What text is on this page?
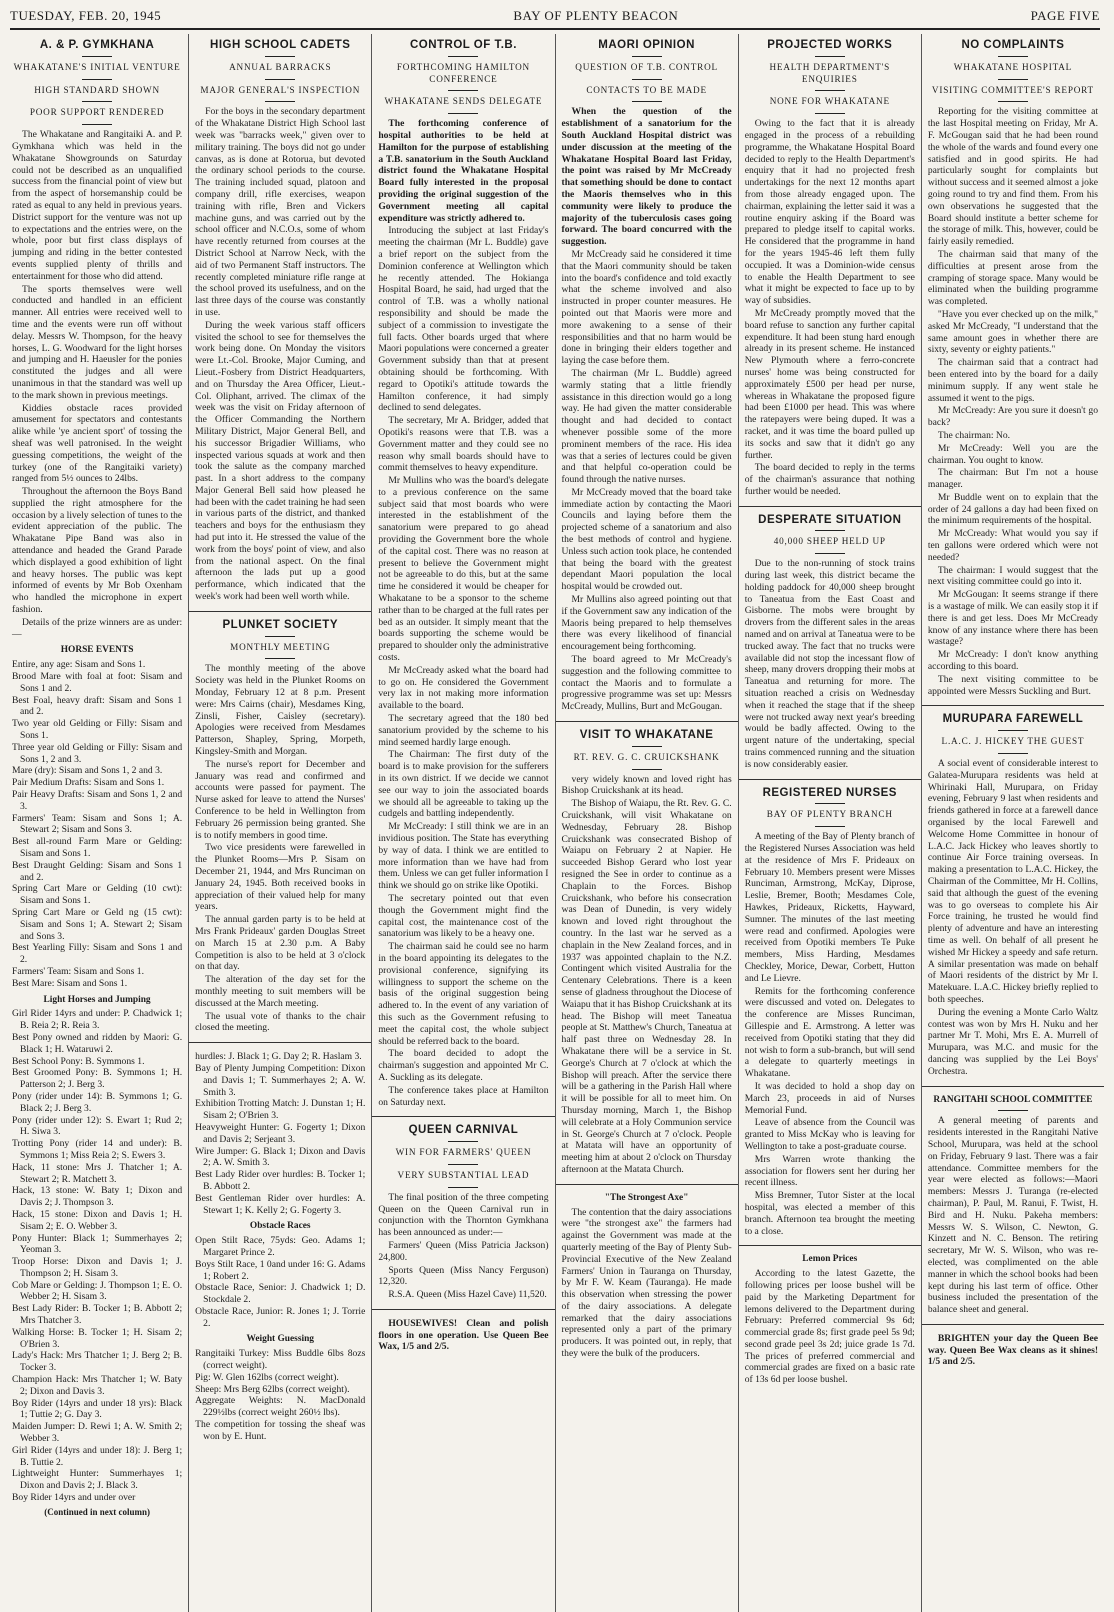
TUESDAY, FEB. 20, 1945	BAY OF PLENTY BEACON	PAGE FIVE
A. & P. GYMKHANA
WHAKATANE'S INITIAL VENTURE
HIGH STANDARD SHOWN
POOR SUPPORT RENDERED

The Whakatane and Rangitaiki A. and P. Gymkhana which was held in the Whakatane Showgrounds on Saturday could not be described as an unqualified success from the financial point of view but from the aspect of horsemanship could be rated as equal to any held in previous years. District support for the venture was not up to expectations and the entries were, on the whole, poor but first class displays of jumping and riding in the better contested events supplied plenty of thrills and entertainment for those who did attend.

The sports themselves were well conducted and handled in an efficient manner. All entries were received well to time and the events were run off without delay. Messrs W. Thompson, for the heavy horses, L. G. Woodward for the light horses and jumping and H. Haeusler for the ponies constituted the judges and all were unanimous in that the standard was well up to the mark shown in previous meetings.

Kiddies obstacle races provided amusement for spectators and contestants alike while 'ye ancient sport' of tossing the sheaf was well patronised. In the weight guessing competitions, the weight of the turkey (one of the Rangitaiki variety) ranged from 5½ ounces to 24lbs.

Throughout the afternoon the Boys Band supplied the right atmosphere for the occasion by a lively selection of tunes to the evident appreciation of the public. The Whakatane Pipe Band was also in attendance and headed the Grand Parade which displayed a good exhibition of light and heavy horses. The public was kept informed of events by Mr Bob Oxenham who handled the microphone in expert fashion.

Details of the prize winners are as under:—

HORSE EVENTS

Entire, any age: Sisam and Sons 1.

Brood Mare with foal at foot: Sisam and Sons 1 and 2.

Best Foal, heavy draft: Sisam and Sons 1 and 2.

Two year old Gelding or Filly: Sisam and Sons 1.

Three year old Gelding or Filly: Sisam and Sons 1, 2 and 3.

Mare (dry): Sisam and Sons 1, 2 and 3.

Pair Medium Drafts: Sisam and Sons 1.

Pair Heavy Drafts: Sisam and Sons 1, 2 and 3.

Farmers' Team: Sisam and Sons 1; A. Stewart 2; Sisam and Sons 3.

Best all-round Farm Mare or Gelding: Sisam and Sons 1.

Best Draught Gelding: Sisam and Sons 1 and 2.

Spring Cart Mare or Gelding (10 cwt): Sisam and Sons 1.

Spring Cart Mare or Geld ng (15 cwt): Sisam and Sons 1; A. Stewart 2; Sisam and Sons 3.

Best Yearling Filly: Sisam and Sons 1 and 2.

Farmers' Team: Sisam and Sons 1.

Best Mare: Sisam and Sons 1.

Light Horses and Jumping

Girl Rider 14yrs and under: P. Chadwick 1; B. Reia 2; R. Reia 3.

Best Pony owned and ridden by Maori: G. Black 1; H. Wataruwi 2.

Best School Pony: B. Symmons 1.

Best Groomed Pony: B. Symmons 1; H. Patterson 2; J. Berg 3.

Pony (rider under 14): B. Symmons 1; G. Black 2; J. Berg 3.

Pony (rider under 12): S. Ewart 1; Rud 2; H. Siwa 3.

Trotting Pony (rider 14 and under): B. Symmons 1; Miss Reia 2; S. Ewers 3.

Hack, 11 stone: Mrs J. Thatcher 1; A. Stewart 2; R. Matchett 3.

Hack, 13 stone: W. Baty 1; Dixon and Davis 2; J. Thompson 3.

Hack, 15 stone: Dixon and Davis 1; H. Sisam 2; E. O. Webber 3.

Pony Hunter: Black 1; Summerhayes 2; Yeoman 3.

Troop Horse: Dixon and Davis 1; J. Thompson 2; H. Sisam 3.

Cob Mare or Gelding: J. Thompson 1; E. O. Webber 2; H. Sisam 3.

Best Lady Rider: B. Tocker 1; B. Abbott 2; Mrs Thatcher 3.

Walking Horse: B. Tocker 1; H. Sisam 2; O'Brien 3.

Lady's Hack: Mrs Thatcher 1; J. Berg 2; B. Tocker 3.

Champion Hack: Mrs Thatcher 1; W. Baty 2; Dixon and Davis 3.

Boy Rider (14yrs and under 18 yrs): Black 1; Tuttie 2; G. Day 3.

Maiden Jumper: D. Rewi 1; A. W. Smith 2; Webber 3.

Girl Rider (14yrs and under 18): J. Berg 1; B. Tuttie 2.

Lightweight Hunter: Summerhayes 1; Dixon and Davis 2; J. Black 3.

Boy Rider 14yrs and under over

(Continued in next column)
HIGH SCHOOL CADETS
ANNUAL BARRACKS
MAJOR GENERAL'S INSPECTION

For the boys in the secondary department of the Whakatane District High School last week was "barracks week," given over to military training. The boys did not go under canvas, as is done at Rotorua, but devoted the ordinary school periods to the course. The training included squad, platoon and company drill, rifle exercises, weapon training with rifle, Bren and Vickers machine guns, and was carried out by the school officer and N.C.O.s, some of whom have recently returned from courses at the District School at Narrow Neck, with the aid of two Permanent Staff instructors. The recently completed miniature rifle range at the school proved its usefulness, and on the last three days of the course was constantly in use.

During the week various staff officers visited the school to see for themselves the work being done. On Monday the visitors were Lt.-Col. Brooke, Major Cuming, and Lieut.-Fosbery from District Headquarters, and on Thursday the Area Officer, Lieut.-Col. Oliphant, arrived. The climax of the week was the visit on Friday afternoon of the Officer Commanding the Northern Military District, Major General Bell, and his successor Brigadier Williams, who inspected various squads at work and then took the salute as the company marched past. In a short address to the company Major General Bell said how pleased he had been with the cadet training he had seen in various parts of the district, and thanked teachers and boys for the enthusiasm they had put into it. He stressed the value of the work from the boys' point of view, and also from the national aspect. On the final afternoon the lads put up a good performance, which indicated that the week's work had been well worth while.

PLUNKET SOCIETY
MONTHLY MEETING

The monthly meeting of the above Society was held in the Plunket Rooms on Monday, February 12 at 8 p.m. Present were: Mrs Cairns (chair), Mesdames King, Zinsli, Fisher, Caisley (secretary). Apologies were received from Mesdames Patterson, Shapley, Spring, Morpeth, Kingsley-Smith and Morgan.

The nurse's report for December and January was read and confirmed and accounts were passed for payment. The Nurse asked for leave to attend the Nurses' Conference to be held in Wellington from February 26 permission being granted. She is to notify members in good time.

Two vice presidents were farewelled in the Plunket Rooms—Mrs P. Sisam on December 21, 1944, and Mrs Runciman on January 24, 1945. Both received books in appreciation of their valued help for many years.

The annual garden party is to be held at Mrs Frank Prideaux' garden Douglas Street on March 15 at 2.30 p.m. A Baby Competition is also to be held at 3 o'clock on that day.

The alteration of the day set for the monthly meeting to suit members will be discussed at the March meeting.

The usual vote of thanks to the chair closed the meeting.

hurdles: J. Black 1; G. Day 2; R. Haslam 3.

Bay of Plenty Jumping Competition: Dixon and Davis 1; T. Summerhayes 2; A. W. Smith 3.

Exhibition Trotting Match: J. Dunstan 1; H. Sisam 2; O'Brien 3.

Heavyweight Hunter: G. Fogerty 1; Dixon and Davis 2; Serjeant 3.

Wire Jumper: G. Black 1; Dixon and Davis 2; A. W. Smith 3.

Best Lady Rider over hurdles: B. Tocker 1; B. Abbott 2.

Best Gentleman Rider over hurdles: A. Stewart 1; K. Kelly 2; G. Fogerty 3.

Obstacle Races

Open Stilt Race, 75yds: Geo. Adams 1; Margaret Prince 2.

Boys Stilt Race, 1 0and under 16: G. Adams 1; Robert 2.

Obstacle Race, Senior: J. Chadwick 1; D. Stockdale 2.

Obstacle Race, Junior: R. Jones 1; J. Torrie 2.

Weight Guessing

Rangitaiki Turkey: Miss Buddle 6lbs 8ozs (correct weight).

Pig: W. Glen 162lbs (correct weight).

Sheep: Mrs Berg 62lbs (correct weight).

Aggregate Weights: N. MacDonald 229½lbs (correct weight 260½ lbs).

The competition for tossing the sheaf was won by E. Hunt.

CONTROL OF T.B.
FORTHCOMING HAMILTON CONFERENCE
WHAKATANE SENDS DELEGATE

The forthcoming conference of hospital authorities to be held at Hamilton for the purpose of establishing a T.B. sanatorium in the South Auckland district found the Whakatane Hospital Board fully interested in the proposal providing the original suggestion of the Government meeting all capital expenditure was strictly adhered to.

Introducing the subject at last Friday's meeting the chairman (Mr L. Buddle) gave a brief report on the subject from the Dominion conference at Wellington which he recently attended. The Hokianga Hospital Board, he said, had urged that the control of T.B. was a wholly national responsibility and should be made the subject of a commission to investigate the full facts. Other boards urged that where Maori populations were concerned a greater Government subsidy than that at present obtaining should be forthcoming. With regard to Opotiki's attitude towards the Hamilton conference, it had simply declined to send delegates.

The secretary, Mr A. Bridger, added that Opotiki's reasons were that T.B. was a Government matter and they could see no reason why small boards should have to commit themselves to heavy expenditure.

Mr Mullins who was the board's delegate to a previous conference on the same subject said that most boards who were interested in the establishment of the sanatorium were prepared to go ahead providing the Government bore the whole of the capital cost. There was no reason at present to believe the Government might not be agreeable to do this, but at the same time he considered it would be cheaper for Whakatane to be a sponsor to the scheme rather than to be charged at the full rates per bed as an outsider. It simply meant that the boards supporting the scheme would be prepared to shoulder only the administrative costs.

Mr McCready asked what the board had to go on. He considered the Government very lax in not making more information available to the board.

The secretary agreed that the 180 bed sanatorium provided by the scheme to his mind seemed hardly large enough.

The Chairman: The first duty of the board is to make provision for the sufferers in its own district. If we decide we cannot see our way to join the associated boards we should all be agreeable to taking up the cudgels and battling independently.

Mr McCready: I still think we are in an invidious position. The State has everything by way of data. I think we are entitled to more information than we have had from them. Unless we can get fuller information I think we should go on strike like Opotiki.

The secretary pointed out that even though the Government might find the capital cost, the maintenance cost of the sanatorium was likely to be a heavy one.

The chairman said he could see no harm in the board appointing its delegates to the provisional conference, signifying its willingness to support the scheme on the basis of the original suggestion being adhered to. In the event of any variation of this such as the Government refusing to meet the capital cost, the whole subject should be referred back to the board.

The board decided to adopt the chairman's suggestion and appointed Mr C. A. Suckling as its delegate.

The conference takes place at Hamilton on Saturday next.

QUEEN CARNIVAL
WIN FOR FARMERS' QUEEN
VERY SUBSTANTIAL LEAD

The final position of the three competing Queen on the Queen Carnival run in conjunction with the Thornton Gymkhana has been announced as under:—

Farmers' Queen (Miss Patricia Jackson) 24,800.

Sports Queen (Miss Nancy Ferguson) 12,320.

R.S.A. Queen (Miss Hazel Cave) 11,520.

HOUSEWIVES! Clean and polish floors in one operation. Use Queen Bee Wax, 1/5 and 2/5.

MAORI OPINION
QUESTION OF T.B. CONTROL
CONTACTS TO BE MADE

When the question of the establishment of a sanatorium for the South Auckland Hospital district was under discussion at the meeting of the Whakatane Hospital Board last Friday, the point was raised by Mr McCready that something should be done to contact the Maoris themselves who in this community were likely to produce the majority of the tuberculosis cases going forward. The board concurred with the suggestion.

Mr McCready said he considered it time that the Maori community should be taken into the board's confidence and told exactly what the scheme involved and also instructed in proper counter measures. He pointed out that Maoris were more and more awakening to a sense of their responsibilities and that no harm would be done in bringing their elders together and laying the case before them.

The chairman (Mr L. Buddle) agreed warmly stating that a little friendly assistance in this direction would go a long way. He had given the matter considerable thought and had decided to contact whenever possible some of the more prominent members of the race. His idea was that a series of lectures could be given and that helpful co-operation could be found through the native nurses.

Mr McCready moved that the board take immediate action by contacting the Maori Councils and laying before them the projected scheme of a sanatorium and also the best methods of control and hygiene. Unless such action took place, he contended that being the board with the greatest dependant Maori population the local hospital would be crowded out.

Mr Mullins also agreed pointing out that if the Government saw any indication of the Maoris being prepared to help themselves there was every likelihood of financial encouragement being forthcoming.

The board agreed to Mr McCready's suggestion and the following committee to contact the Maoris and to formulate a progressive programme was set up: Messrs McCready, Mullins, Burt and McGougan.

VISIT TO WHAKATANE
RT. REV. G. C. CRUICKSHANK

very widely known and loved right has Bishop Cruickshank at its head.

The Bishop of Waiapu, the Rt. Rev. G. C. Cruickshank, will visit Whakatane on Wednesday, February 28. Bishop Cruickshank was consecrated Bishop of Waiapu on February 2 at Napier. He succeeded Bishop Gerard who lost year resigned the See in order to continue as a Chaplain to the Forces. Bishop Cruickshank, who before his consecration was Dean of Dunedin, is very widely known and loved right throughout the country. In the last war he served as a chaplain in the New Zealand forces, and in 1937 was appointed chaplain to the N.Z. Contingent which visited Australia for the Centenary Celebrations. There is a keen sense of gladness throughout the Diocese of Waiapu that it has Bishop Cruickshank at its head. The Bishop will meet Taneatua people at St. Matthew's Church, Taneatua at half past three on Wednesday 28. In Whakatane there will be a service in St. George's Church at 7 o'clock at which the Bishop will preach. After the service there will be a gathering in the Parish Hall where it will be possible for all to meet him. On Thursday morning, March 1, the Bishop will celebrate at a Holy Communion service in St. George's Church at 7 o'clock. People at Matata will have an opportunity of meeting him at about 2 o'clock on Thursday afternoon at the Matata Church.

"The Strongest Axe"

The contention that the dairy associations were "the strongest axe" the farmers had against the Government was made at the quarterly meeting of the Bay of Plenty Sub-Provincial Executive of the New Zealand Farmers' Union in Tauranga on Thursday, by Mr F. W. Keam (Tauranga). He made this observation when stressing the power of the dairy associations. A delegate remarked that the dairy associations represented only a part of the primary producers. It was pointed out, in reply, that they were the bulk of the producers.

PROJECTED WORKS
HEALTH DEPARTMENT'S ENQUIRIES
NONE FOR WHAKATANE

Owing to the fact that it is already engaged in the process of a rebuilding programme, the Whakatane Hospital Board decided to reply to the Health Department's enquiry that it had no projected fresh undertakings for the next 12 months apart from those already engaged upon. The chairman, explaining the letter said it was a routine enquiry asking if the Board was prepared to pledge itself to capital works. He considered that the programme in hand for the years 1945-46 left them fully occupied. It was a Dominion-wide census to enable the Health Department to see what it might be expected to face up to by way of subsidies.

Mr McCready promptly moved that the board refuse to sanction any further capital expenditure. It had been stung hard enough already in its present scheme. He instanced New Plymouth where a ferro-concrete nurses' home was being constructed for approximately £500 per head per nurse, whereas in Whakatane the proposed figure had been £1000 per head. This was where the ratepayers were being duped. It was a racket, and it was time the board pulled up its socks and saw that it didn't go any further.

The board decided to reply in the terms of the chairman's assurance that nothing further would be needed.

DESPERATE SITUATION
40,000 SHEEP HELD UP

Due to the non-running of stock trains during last week, this district became the holding paddock for 40,000 sheep brought to Taneatua from the East Coast and Gisborne. The mobs were brought by drovers from the different sales in the areas named and on arrival at Taneatua were to be trucked away. The fact that no trucks were available did not stop the incessant flow of sheep, many drovers dropping their mobs at Taneatua and returning for more. The situation reached a crisis on Wednesday when it reached the stage that if the sheep were not trucked away next year's breeding would be badly affected. Owing to the urgent nature of the undertaking, special trains commenced running and the situation is now considerably easier.

REGISTERED NURSES
BAY OF PLENTY BRANCH

A meeting of the Bay of Plenty branch of the Registered Nurses Association was held at the residence of Mrs F. Prideaux on February 10. Members present were Misses Runciman, Armstrong, McKay, Diprose, Leslie, Bremer, Booth; Mesdames Cole, Hawkes, Prideaux, Ricketts, Hayward, Sumner. The minutes of the last meeting were read and confirmed. Apologies were received from Opotiki members Te Puke members, Miss Harding, Mesdames Checkley, Morice, Dewar, Corbett, Hutton and Le Lievre.

Remits for the forthcoming conference were discussed and voted on. Delegates to the conference are Misses Runciman, Gillespie and E. Armstrong. A letter was received from Opotiki stating that they did not wish to form a sub-branch, but will send a delegate to quarterly meetings in Whakatane.

It was decided to hold a shop day on March 23, proceeds in aid of Nurses Memorial Fund.

Leave of absence from the Council was granted to Miss McKay who is leaving for Wellington to take a post-graduate course.

Mrs Warren wrote thanking the association for flowers sent her during her recent illness.

Miss Bremner, Tutor Sister at the local hospital, was elected a member of this branch. Afternoon tea brought the meeting to a close.

Lemon Prices

According to the latest Gazette, the following prices per loose bushel will be paid by the Marketing Department for lemons delivered to the Department during February: Preferred commercial 9s 6d; commercial grade 8s; first grade peel 5s 9d; second grade peel 3s 2d; juice grade 1s 7d. The prices of preferred commercial and commercial grades are fixed on a basic rate of 13s 6d per loose bushel.

NO COMPLAINTS
WHAKATANE HOSPITAL
VISITING COMMITTEE'S REPORT

Reporting for the visiting committee at the last Hospital meeting on Friday, Mr A. F. McGougan said that he had been round the whole of the wards and found every one satisfied and in good spirits. He had particularly sought for complaints but without success and it seemed almost a joke going round to try and find them. From his own observations he suggested that the Board should institute a better scheme for the storage of milk. This, however, could be fairly easily remedied.

The chairman said that many of the difficulties at present arose from the cramping of storage space. Many would be eliminated when the building programme was completed.

"Have you ever checked up on the milk," asked Mr McCready, "I understand that the same amount goes in whether there are sixty, seventy or eighty patients."

The chairman said that a contract had been entered into by the board for a daily minimum supply. If any went stale he assumed it went to the pigs.

Mr McCready: Are you sure it doesn't go back?

The chairman: No.

Mr McCready: Well you are the chairman. You ought to know.

The chairman: But I'm not a house manager.

Mr Buddle went on to explain that the order of 24 gallons a day had been fixed on the minimum requirements of the hospital.

Mr McCready: What would you say if ten gallons were ordered which were not needed?

The chairman: I would suggest that the next visiting committee could go into it.

Mr McGougan: It seems strange if there is a wastage of milk. We can easily stop it if there is and get less. Does Mr McCready know of any instance where there has been wastage?

Mr McCready: I don't know anything according to this board.

The next visiting committee to be appointed were Messrs Suckling and Burt.

MURUPARA FAREWELL
L.A.C. J. HICKEY THE GUEST

A social event of considerable interest to Galatea-Murupara residents was held at Whirinaki Hall, Murupara, on Friday evening, February 9 last when residents and friends gathered in force at a farewell dance organised by the local Farewell and Welcome Home Committee in honour of L.A.C. Jack Hickey who leaves shortly to continue Air Force training overseas. In making a presentation to L.A.C. Hickey, the Chairman of the Committee, Mr H. Collins, said that although the guest of the evening was to go overseas to complete his Air Force training, he trusted he would find plenty of adventure and have an interesting time as well. On behalf of all present he wished Mr Hickey a speedy and safe return. A similar presentation was made on behalf of Maori residents of the district by Mr I. Matekuare. L.A.C. Hickey briefly replied to both speeches.

During the evening a Monte Carlo Waltz contest was won by Mrs H. Nuku and her partner Mr T. Mohi, Mrs E. A. Murrell of Murupara, was M.C. and music for the dancing was supplied by the Lei Boys' Orchestra.

RANGITAHI SCHOOL COMMITTEE

A general meeting of parents and residents interested in the Rangitahi Native School, Murupara, was held at the school on Friday, February 9 last. There was a fair attendance. Committee members for the year were elected as follows:—Maori members: Messrs J. Turanga (re-elected chairman), P. Paul, M. Ranui, F. Twist, H. Bird and H. Nuku. Pakeha members: Messrs W. S. Wilson, C. Newton, G. Kinzett and N. C. Benson. The retiring secretary, Mr W. S. Wilson, who was re-elected, was complimented on the able manner in which the school books had been kept during his last term of office. Other business included the presentation of the balance sheet and general.

BRIGHTEN your day the Queen Bee way. Queen Bee Wax cleans as it shines! 1/5 and 2/5.
